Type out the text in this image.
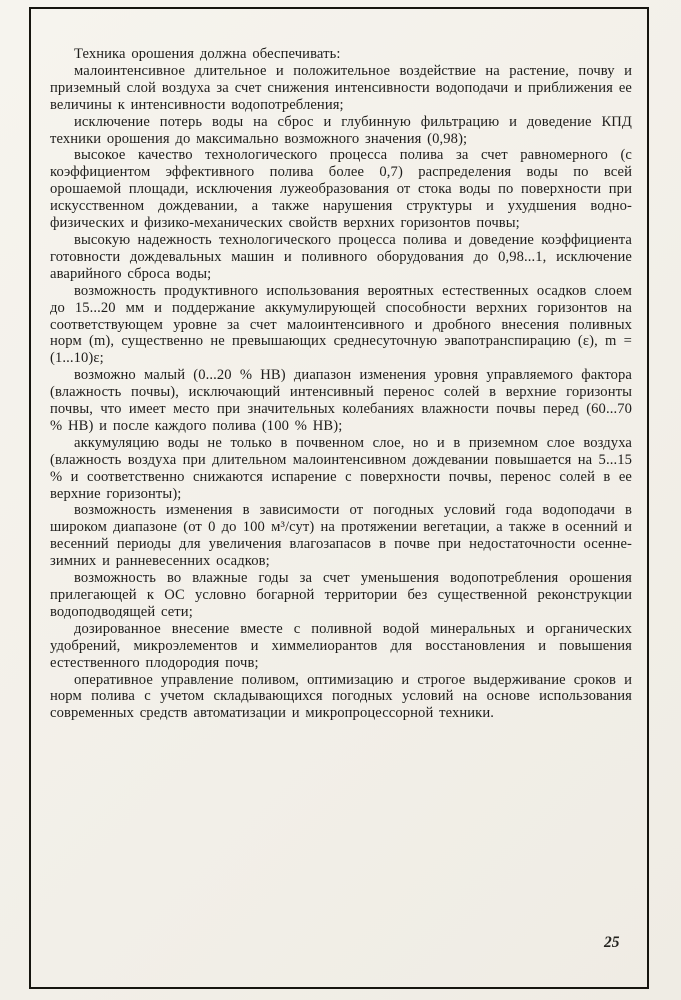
Техника орошения должна обеспечивать:

малоинтенсивное длительное и положительное воздействие на растение, почву и приземный слой воздуха за счет снижения интенсивности водоподачи и приближения ее величины к интенсивности водопотребления;

исключение потерь воды на сброс и глубинную фильтрацию и доведение КПД техники орошения до максимально возможного значения (0,98);

высокое качество технологического процесса полива за счет равномерного (с коэффициентом эффективного полива более 0,7) распределения воды по всей орошаемой площади, исключения лужеобразования от стока воды по поверхности при искусственном дождевании, а также нарушения структуры и ухудшения водно-физических и физико-механических свойств верхних горизонтов почвы;

высокую надежность технологического процесса полива и доведение коэффициента готовности дождевальных машин и поливного оборудования до 0,98...1, исключение аварийного сброса воды;

возможность продуктивного использования вероятных естественных осадков слоем до 15...20 мм и поддержание аккумулирующей способности верхних горизонтов на соответствующем уровне за счет малоинтенсивного и дробного внесения поливных норм (m), существенно не превышающих среднесуточную эвапотранспирацию (ε), m = (1...10)ε;

возможно малый (0...20 % НВ) диапазон изменения уровня управляемого фактора (влажность почвы), исключающий интенсивный перенос солей в верхние горизонты почвы, что имеет место при значительных колебаниях влажности почвы перед (60...70 % НВ) и после каждого полива (100 % НВ);

аккумуляцию воды не только в почвенном слое, но и в приземном слое воздуха (влажность воздуха при длительном малоинтенсивном дождевании повышается на 5...15 % и соответственно снижаются испарение с поверхности почвы, перенос солей в ее верхние горизонты);

возможность изменения в зависимости от погодных условий года водоподачи в широком диапазоне (от 0 до 100 м³/сут) на протяжении вегетации, а также в осенний и весенний периоды для увеличения влагозапасов в почве при недостаточности осенне-зимних и ранневесенних осадков;

возможность во влажные годы за счет уменьшения водопотребления орошения прилегающей к ОС условно богарной территории без существенной реконструкции водоподводящей сети;

дозированное внесение вместе с поливной водой минеральных и органических удобрений, микроэлементов и химмелиорантов для восстановления и повышения естественного плодородия почв;

оперативное управление поливом, оптимизацию и строгое выдерживание сроков и норм полива с учетом складывающихся погодных условий на основе использования современных средств автоматизации и микропроцессорной техники.

25
